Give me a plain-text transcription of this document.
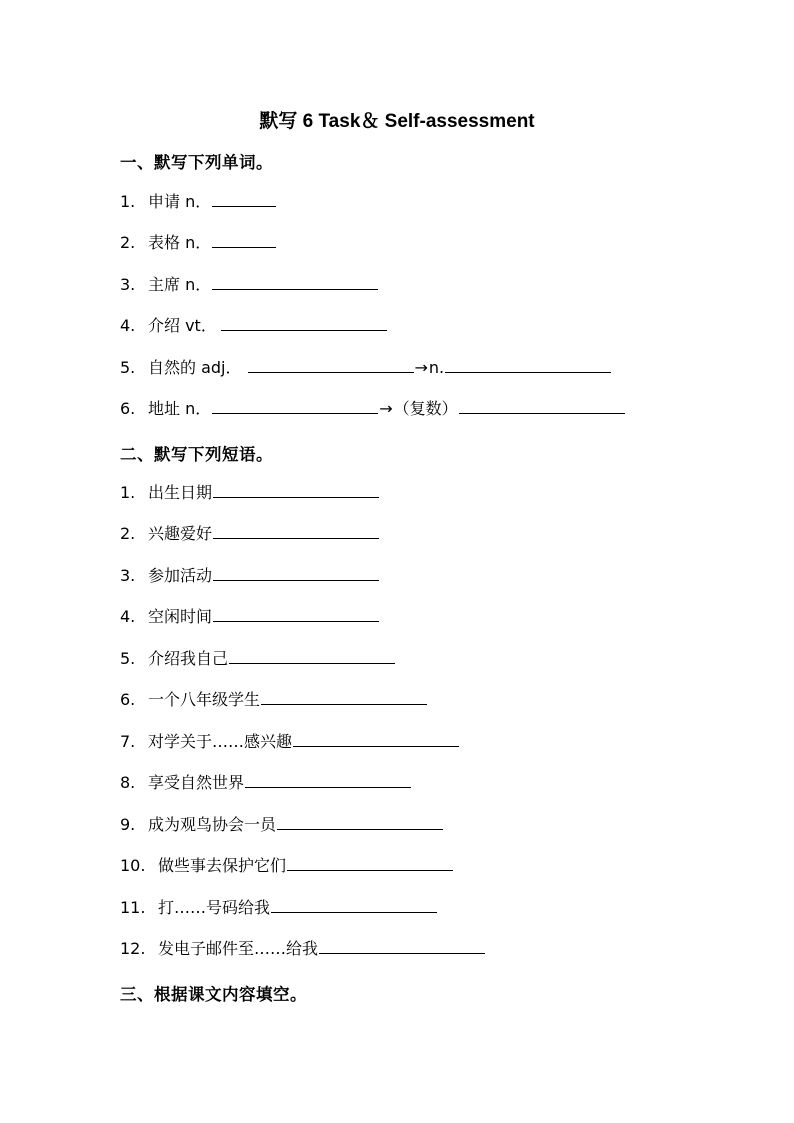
默写 6 Task＆ Self-assessment
一、默写下列单词。
1. 申请 n．
2. 表格 n．
3. 主席 n．
4. 介绍 vt．
5. 自然的 adj．	→n.
6. 地址 n．	→（复数）
二、默写下列短语。
1. 出生日期
2. 兴趣爱好
3. 参加活动
4. 空闲时间
5. 介绍我自己
6. 一个八年级学生
7. 对学关于……感兴趣
8. 享受自然世界
9. 成为观鸟协会一员
10. 做些事去保护它们
11. 打……号码给我
12. 发电子邮件至……给我
三、根据课文内容填空。
